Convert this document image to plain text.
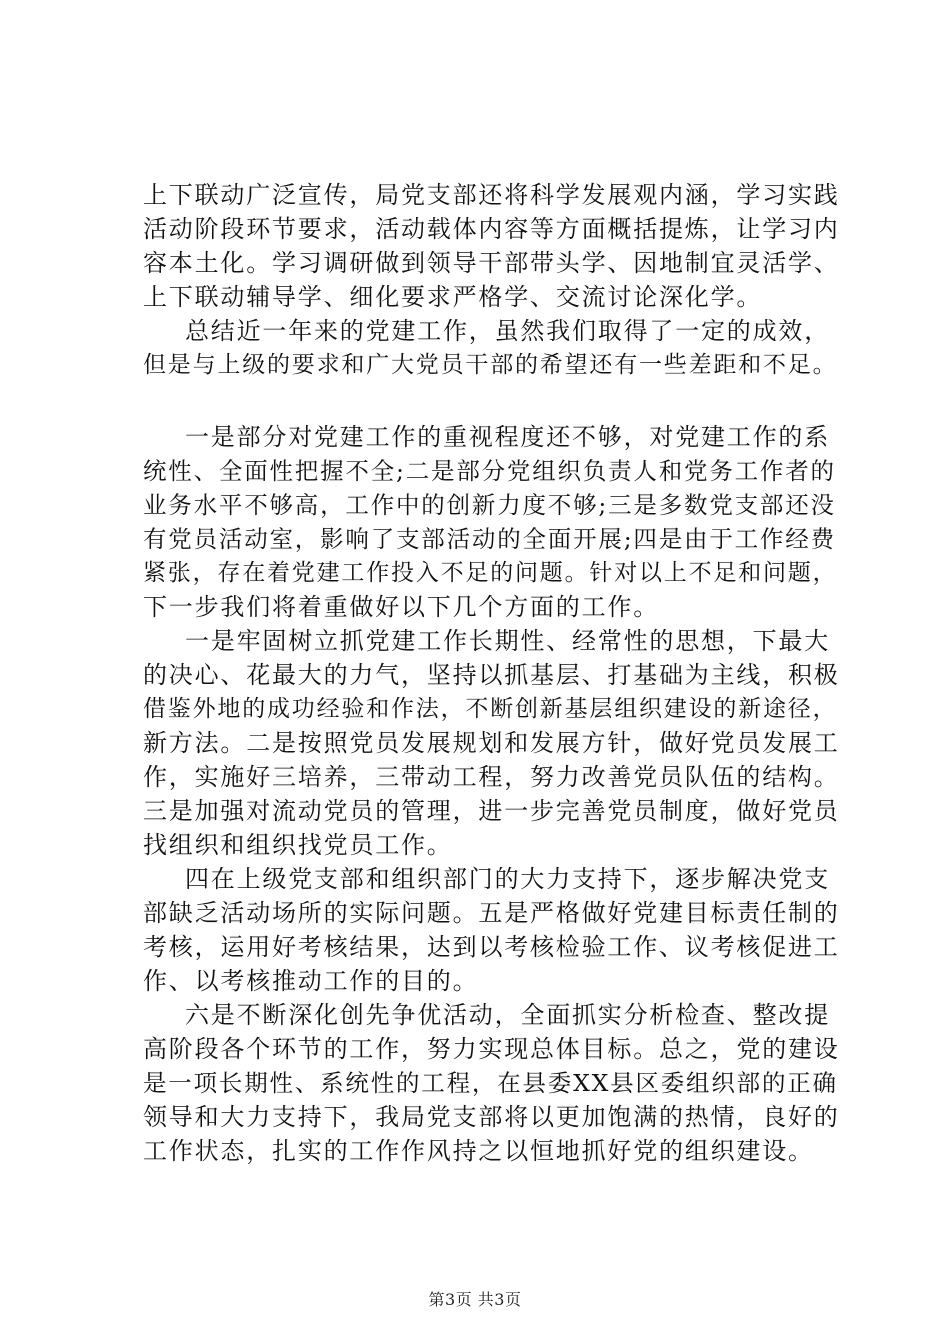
上下联动广泛宣传，局党支部还将科学发展观内涵，学习实践
活动阶段环节要求，活动载体内容等方面概括提炼，让学习内
容本土化。学习调研做到领导干部带头学、因地制宜灵活学、
上下联动辅导学、细化要求严格学、交流讨论深化学。
总结近一年来的党建工作，虽然我们取得了一定的成效，
但是与上级的要求和广大党员干部的希望还有一些差距和不足。
一是部分对党建工作的重视程度还不够，对党建工作的系
统性、全面性把握不全;二是部分党组织负责人和党务工作者的
业务水平不够高，工作中的创新力度不够;三是多数党支部还没
有党员活动室，影响了支部活动的全面开展;四是由于工作经费
紧张，存在着党建工作投入不足的问题。针对以上不足和问题，
下一步我们将着重做好以下几个方面的工作。
一是牢固树立抓党建工作长期性、经常性的思想，下最大
的决心、花最大的力气，坚持以抓基层、打基础为主线，积极
借鉴外地的成功经验和作法，不断创新基层组织建设的新途径，
新方法。二是按照党员发展规划和发展方针，做好党员发展工
作，实施好三培养，三带动工程，努力改善党员队伍的结构。
三是加强对流动党员的管理，进一步完善党员制度，做好党员
找组织和组织找党员工作。
四在上级党支部和组织部门的大力支持下，逐步解决党支
部缺乏活动场所的实际问题。五是严格做好党建目标责任制的
考核，运用好考核结果，达到以考核检验工作、议考核促进工
作、以考核推动工作的目的。
六是不断深化创先争优活动，全面抓实分析检查、整改提
高阶段各个环节的工作，努力实现总体目标。总之，党的建设
是一项长期性、系统性的工程，在县委XX县区委组织部的正确
领导和大力支持下，我局党支部将以更加饱满的热情，良好的
工作状态，扎实的工作作风持之以恒地抓好党的组织建设。
第3页 共3页
